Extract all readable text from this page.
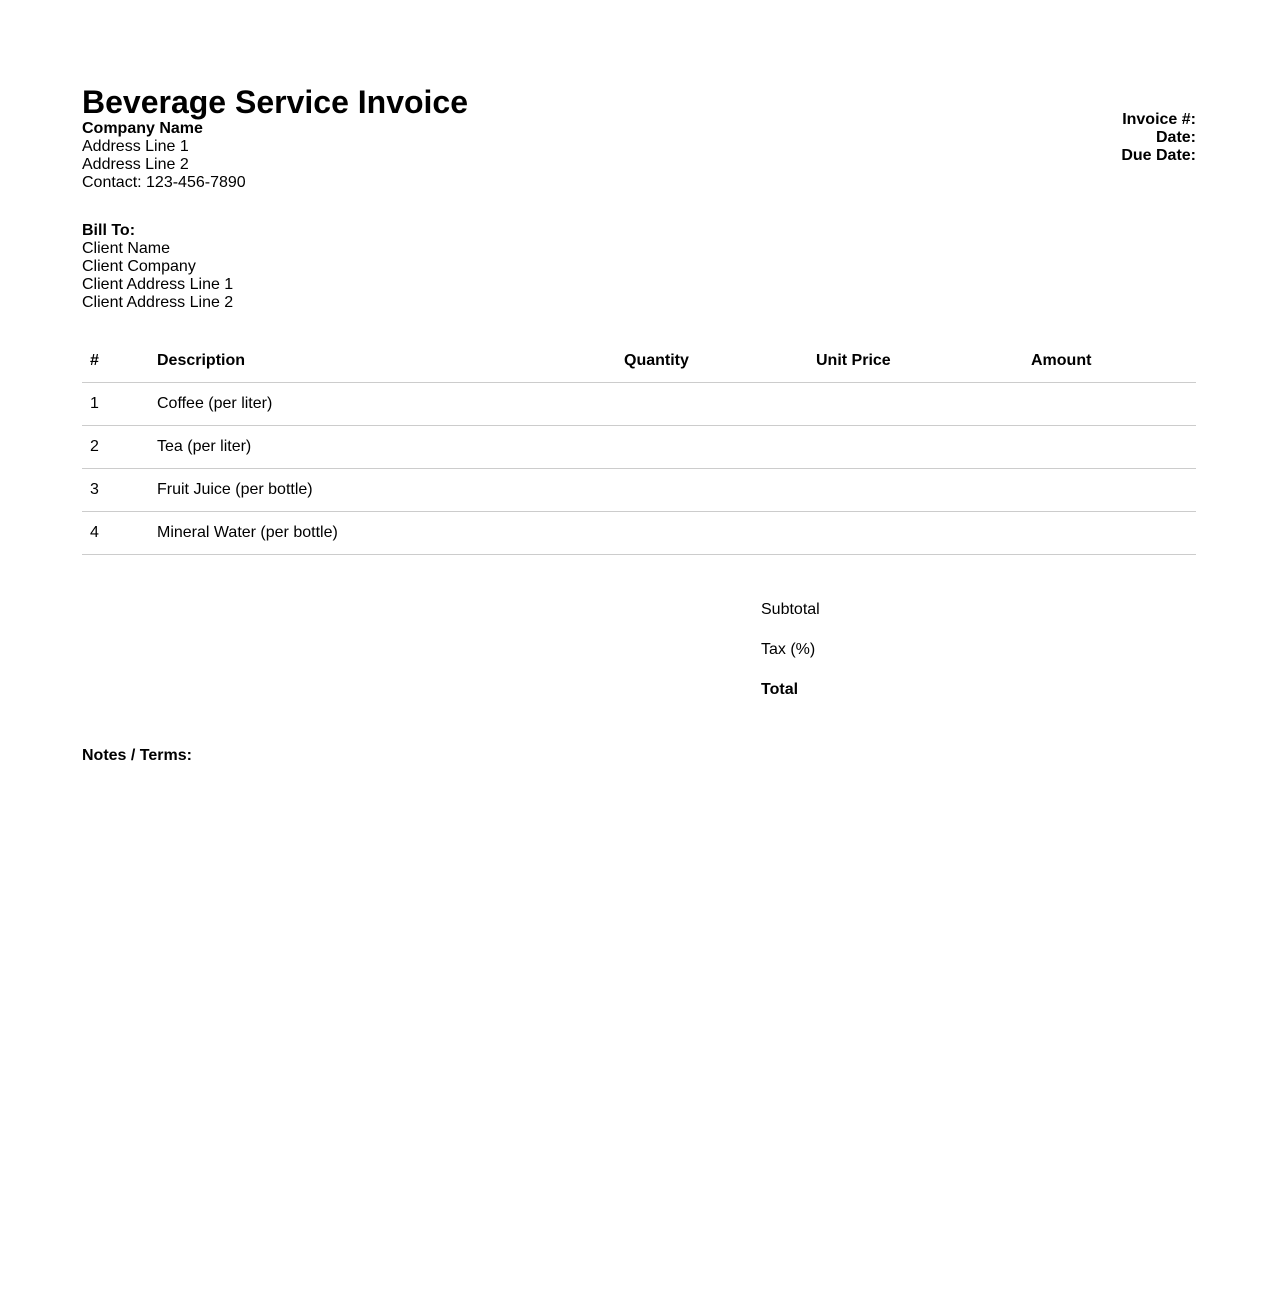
Beverage Service Invoice
Company Name
Address Line 1
Address Line 2
Contact: 123-456-7890
Invoice #:
Date:
Due Date:
Bill To:
Client Name
Client Company
Client Address Line 1
Client Address Line 2
#	Description	Quantity	Unit Price	Amount
1	Coffee (per liter)			
2	Tea (per liter)			
3	Fruit Juice (per bottle)			
4	Mineral Water (per bottle)			
Subtotal
Tax (%)
Total
Notes / Terms:
